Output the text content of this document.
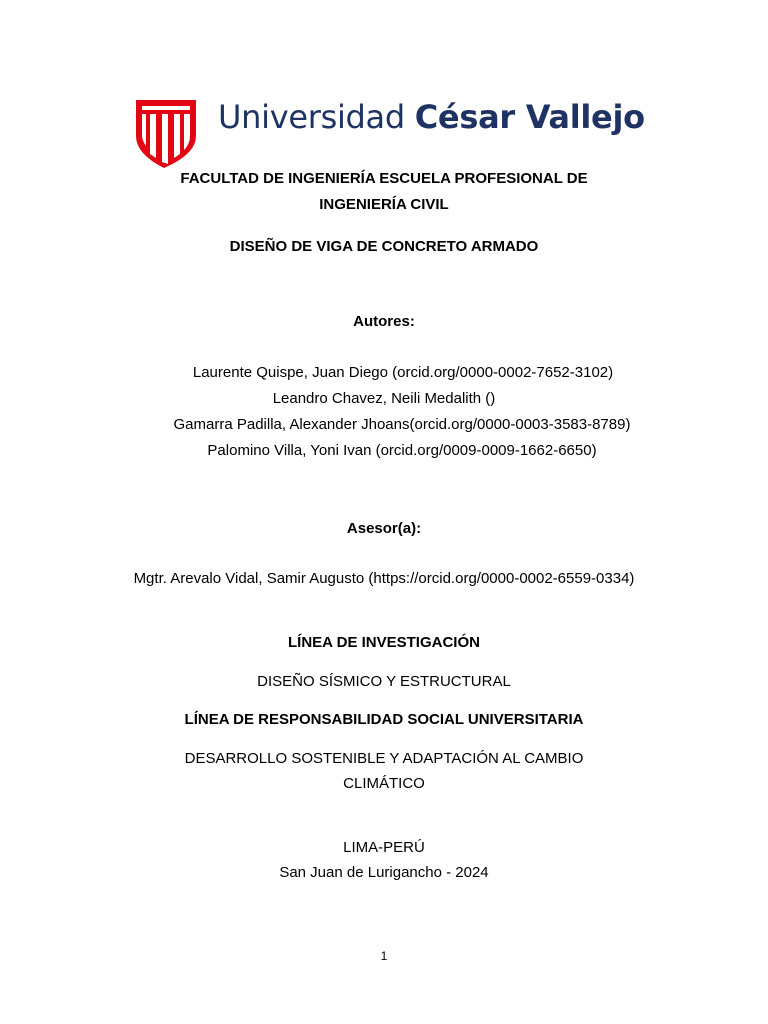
Universidad César Vallejo
FACULTAD DE INGENIERÍA ESCUELA PROFESIONAL DE
INGENIERÍA CIVIL
DISEÑO DE VIGA DE CONCRETO ARMADO
Autores:
Laurente Quispe, Juan Diego (orcid.org/0000-0002-7652-3102)
Leandro Chavez, Neili Medalith ()
Gamarra Padilla, Alexander Jhoans(orcid.org/0000-0003-3583-8789)
Palomino Villa, Yoni Ivan (orcid.org/0009-0009-1662-6650)
Asesor(a):
Mgtr. Arevalo Vidal, Samir Augusto (https://orcid.org/0000-0002-6559-0334)
LÍNEA DE INVESTIGACIÓN
DISEÑO SÍSMICO Y ESTRUCTURAL
LÍNEA DE RESPONSABILIDAD SOCIAL UNIVERSITARIA
DESARROLLO SOSTENIBLE Y ADAPTACIÓN AL CAMBIO
CLIMÁTICO
LIMA-PERÚ
San Juan de Lurigancho - 2024
1
